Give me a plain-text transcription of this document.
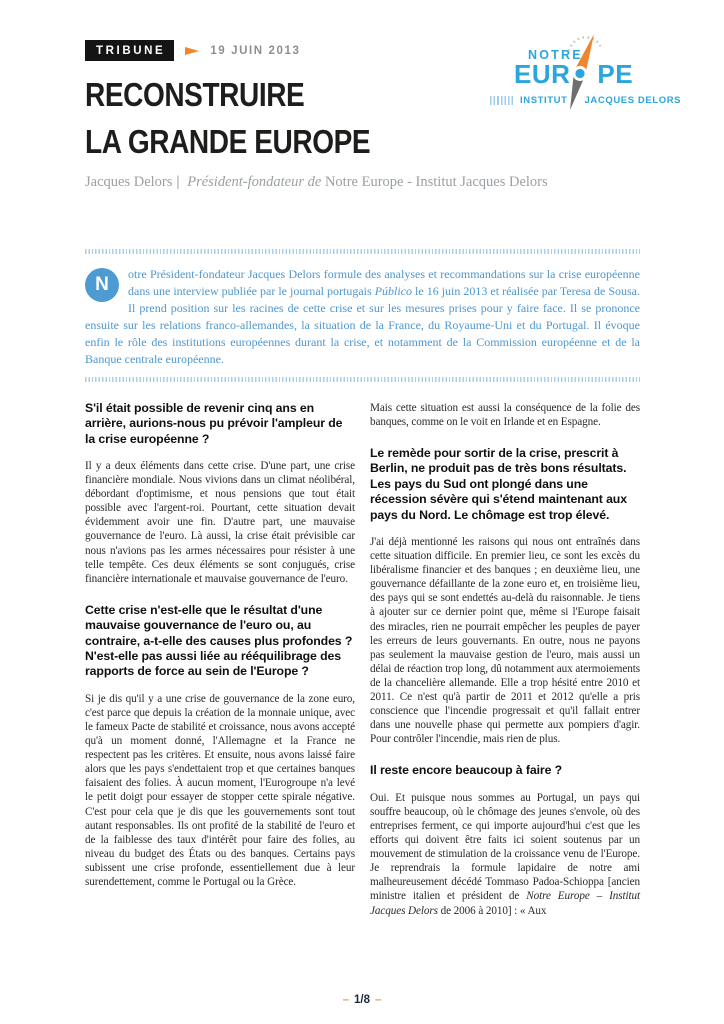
TRIBUNE	19 JUIN 2013
RECONSTRUIRE
LA GRANDE EUROPE
Jacques Delors | Président-fondateur de Notre Europe - Institut Jacques Delors
N	otre Président-fondateur Jacques Delors formule des analyses et recommandations sur la crise européenne dans une interview publiée par le journal portugais Público le 16 juin 2013 et réalisée par Teresa de Sousa. Il prend position sur les racines de cette crise et sur les mesures prises pour y faire face. Il se prononce ensuite sur les relations franco-allemandes, la situation de la France, du Royaume-Uni et du Portugal. Il évoque enfin le rôle des institutions européennes durant la crise, et notamment de la Commission européenne et de la Banque centrale européenne.
S'il était possible de revenir cinq ans en arrière, aurions-nous pu prévoir l'ampleur de la crise européenne ?

Il y a deux éléments dans cette crise. D'une part, une crise financière mondiale. Nous vivions dans un climat néolibéral, débordant d'optimisme, et nous pensions que tout était possible avec l'argent-roi. Pourtant, cette situation devait évidemment avoir une fin. D'autre part, une mauvaise gouvernance de l'euro. Là aussi, la crise était prévisible car nous n'avions pas les armes nécessaires pour résister à une telle tempête. Ces deux éléments se sont conjugués, crise financière internationale et mauvaise gouvernance de l'euro.

Cette crise n'est-elle que le résultat d'une mauvaise gouvernance de l'euro ou, au contraire, a-t-elle des causes plus profondes ? N'est-elle pas aussi liée au rééquilibrage des rapports de force au sein de l'Europe ?

Si je dis qu'il y a une crise de gouvernance de la zone euro, c'est parce que depuis la création de la monnaie unique, avec le fameux Pacte de stabilité et croissance, nous avons accepté qu'à un moment donné, l'Allemagne et la France ne respectent pas les critères. Et ensuite, nous avons laissé faire alors que les pays s'endettaient trop et que certaines banques faisaient des folies. À aucun moment, l'Eurogroupe n'a levé le petit doigt pour essayer de stopper cette spirale négative. C'est pour cela que je dis que les gouvernements sont tout autant responsables. Ils ont profité de la stabilité de l'euro et de la faiblesse des taux d'intérêt pour faire des folies, au niveau du budget des États ou des banques. Certains pays subissent une crise profonde, essentiellement due à leur surendettement, comme le Portugal ou la Grèce.

Mais cette situation est aussi la conséquence de la folie des banques, comme on le voit en Irlande et en Espagne.

Le remède pour sortir de la crise, prescrit à Berlin, ne produit pas de très bons résultats. Les pays du Sud ont plongé dans une récession sévère qui s'étend maintenant aux pays du Nord. Le chômage est trop élevé.

J'ai déjà mentionné les raisons qui nous ont entraînés dans cette situation difficile. En premier lieu, ce sont les excès du libéralisme financier et des banques ; en deuxième lieu, une gouvernance défaillante de la zone euro et, en troisième lieu, des pays qui se sont endettés au-delà du raisonnable. Je tiens à ajouter sur ce dernier point que, même si l'Europe faisait des miracles, rien ne pourrait empêcher les peuples de payer les erreurs de leurs gouvernants. En outre, nous ne payons pas seulement la mauvaise gestion de l'euro, mais aussi un délai de réaction trop long, dû notamment aux atermoiements de la chancelière allemande. Elle a trop hésité entre 2010 et 2011. Ce n'est qu'à partir de 2011 et 2012 qu'elle a pris conscience que l'incendie progressait et qu'il fallait entrer dans une nouvelle phase qui permette aux pompiers d'agir. Pour contrôler l'incendie, mais rien de plus.

Il reste encore beaucoup à faire ?

Oui. Et puisque nous sommes au Portugal, un pays qui souffre beaucoup, où le chômage des jeunes s'envole, où des entreprises ferment, ce qui importe aujourd'hui c'est que les efforts qui doivent être faits ici soient soutenus par un mouvement de stimulation de la croissance venu de l'Europe. Je reprendrais la formule lapidaire de notre ami malheureusement décédé Tommaso Padoa-Schioppa [ancien ministre italien et président de Notre Europe – Institut Jacques Delors de 2006 à 2010] : « Aux

NOTRE
EUR PE
INSTITUT JACQUES DELORS
– 1/8 –
